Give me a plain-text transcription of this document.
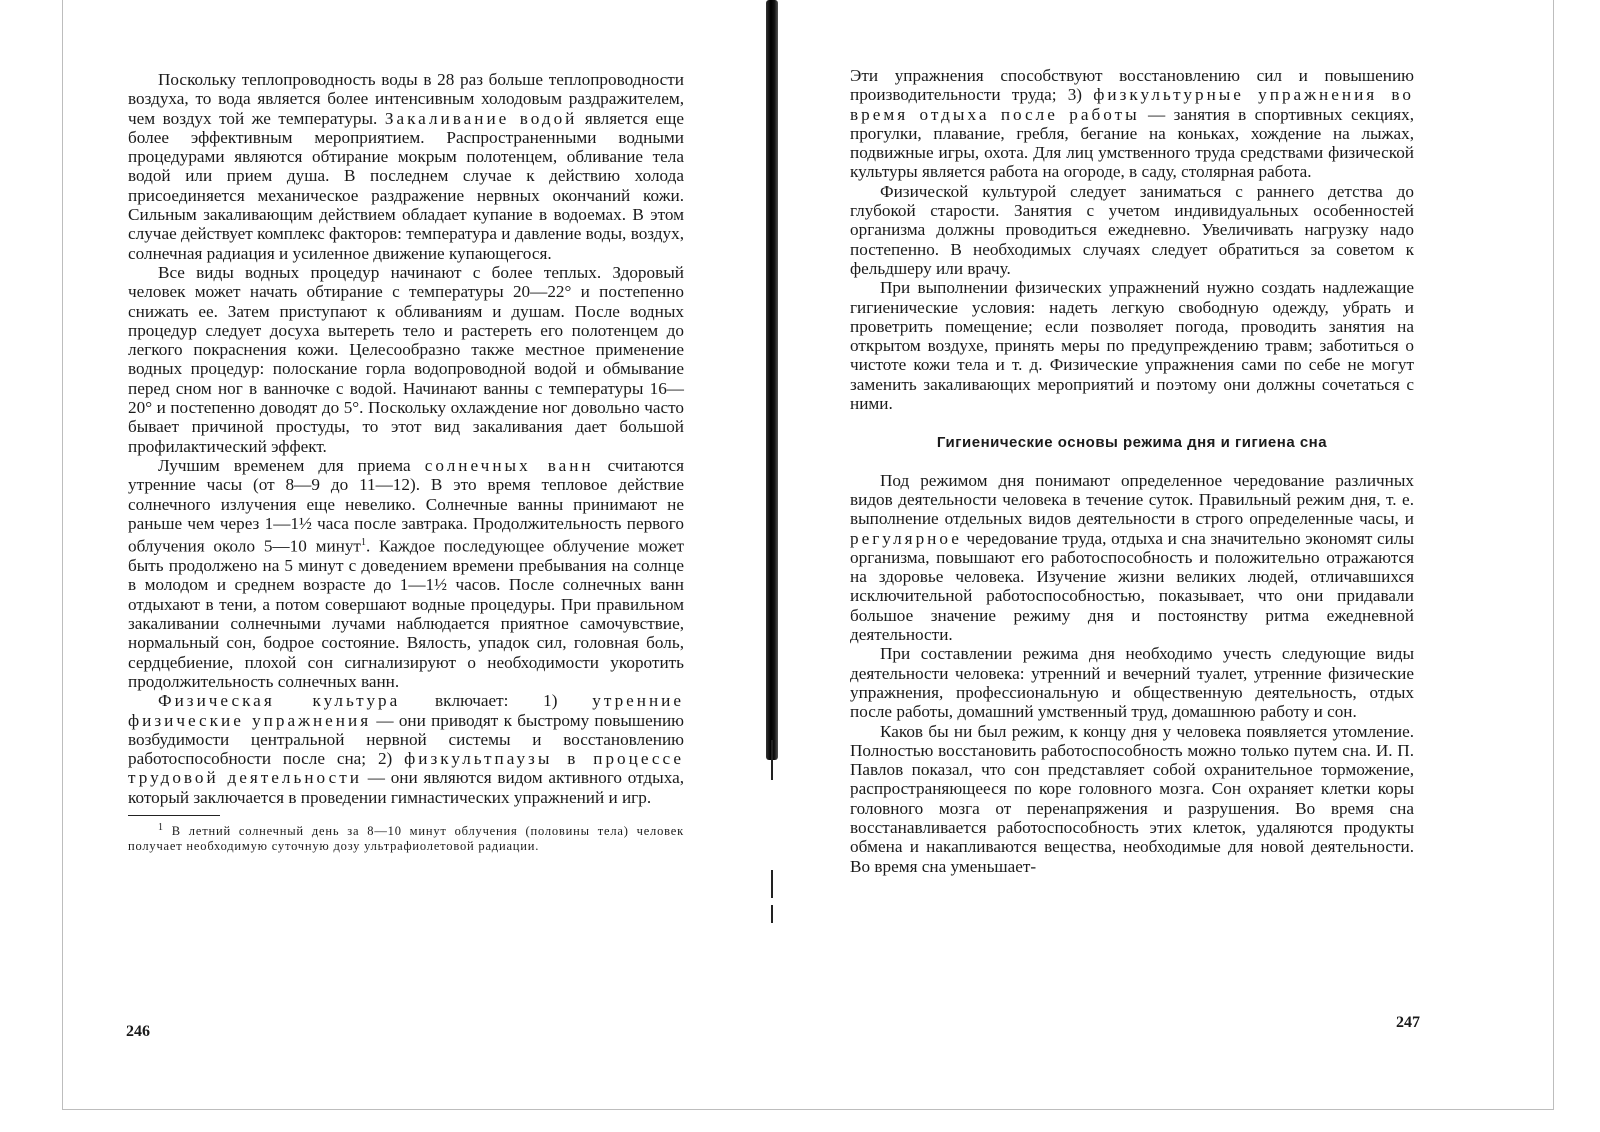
Поскольку теплопроводность воды в 28 раз больше теплопроводности воздуха, то вода является более интенсивным холодовым раздражителем, чем воздух той же температуры. Закаливание водой является еще более эффективным мероприятием. Распространенными водными процедурами являются обтирание мокрым полотенцем, обливание тела водой или прием душа. В последнем случае к действию холода присоединяется механическое раздражение нервных окончаний кожи. Сильным закаливающим действием обладает купание в водоемах. В этом случае действует комплекс факторов: температура и давление воды, воздух, солнечная радиация и усиленное движение купающегося.

Все виды водных процедур начинают с более теплых. Здоровый человек может начать обтирание с температуры 20—22° и постепенно снижать ее. Затем приступают к обливаниям и душам. После водных процедур следует досуха вытереть тело и растереть его полотенцем до легкого покраснения кожи. Целесообразно также местное применение водных процедур: полоскание горла водопроводной водой и обмывание перед сном ног в ванночке с водой. Начинают ванны с температуры 16—20° и постепенно доводят до 5°. Поскольку охлаждение ног довольно часто бывает причиной простуды, то этот вид закаливания дает большой профилактический эффект.

Лучшим временем для приема солнечных ванн считаются утренние часы (от 8—9 до 11—12). В это время тепловое действие солнечного излучения еще невелико. Солнечные ванны принимают не раньше чем через 1—1½ часа после завтрака. Продолжительность первого облучения около 5—10 минут$^1$. Каждое последующее облучение может быть продолжено на 5 минут с доведением времени пребывания на солнце в молодом и среднем возрасте до 1—1½ часов. После солнечных ванн отдыхают в тени, а потом совершают водные процедуры. При правильном закаливании солнечными лучами наблюдается приятное самочувствие, нормальный сон, бодрое состояние. Вялость, упадок сил, головная боль, сердцебиение, плохой сон сигнализируют о необходимости укоротить продолжительность солнечных ванн.

Физическая культура включает: 1) утренние физические упражнения — они приводят к быстрому повышению возбудимости центральной нервной системы и восстановлению работоспособности после сна; 2) физкультпаузы в процессе трудовой деятельности — они являются видом активного отдыха, который заключается в проведении гимнастических упражнений и игр.

$^1$ В летний солнечный день за 8—10 минут облучения (половины тела) человек получает необходимую суточную дозу ультрафиолетовой радиации.

246

Эти упражнения способствуют восстановлению сил и повышению производительности труда; 3) физкультурные упражнения во время отдыха после работы — занятия в спортивных секциях, прогулки, плавание, гребля, бегание на коньках, хождение на лыжах, подвижные игры, охота. Для лиц умственного труда средствами физической культуры является работа на огороде, в саду, столярная работа.

Физической культурой следует заниматься с раннего детства до глубокой старости. Занятия с учетом индивидуальных особенностей организма должны проводиться ежедневно. Увеличивать нагрузку надо постепенно. В необходимых случаях следует обратиться за советом к фельдшеру или врачу.

При выполнении физических упражнений нужно создать надлежащие гигиенические условия: надеть легкую свободную одежду, убрать и проветрить помещение; если позволяет погода, проводить занятия на открытом воздухе, принять меры по предупреждению травм; заботиться о чистоте кожи тела и т. д. Физические упражнения сами по себе не могут заменить закаливающих мероприятий и поэтому они должны сочетаться с ними.

Гигиенические основы режима дня и гигиена сна

Под режимом дня понимают определенное чередование различных видов деятельности человека в течение суток. Правильный режим дня, т. е. выполнение отдельных видов деятельности в строго определенные часы, и регулярное чередование труда, отдыха и сна значительно экономят силы организма, повышают его работоспособность и положительно отражаются на здоровье человека. Изучение жизни великих людей, отличавшихся исключительной работоспособностью, показывает, что они придавали большое значение режиму дня и постоянству ритма ежедневной деятельности.

При составлении режима дня необходимо учесть следующие виды деятельности человека: утренний и вечерний туалет, утренние физические упражнения, профессиональную и общественную деятельность, отдых после работы, домашний умственный труд, домашнюю работу и сон.

Каков бы ни был режим, к концу дня у человека появляется утомление. Полностью восстановить работоспособность можно только путем сна. И. П. Павлов показал, что сон представляет собой охранительное торможение, распространяющееся по коре головного мозга. Сон охраняет клетки коры головного мозга от перенапряжения и разрушения. Во время сна восстанавливается работоспособность этих клеток, удаляются продукты обмена и накапливаются вещества, необходимые для новой деятельности. Во время сна уменьшает-

247
